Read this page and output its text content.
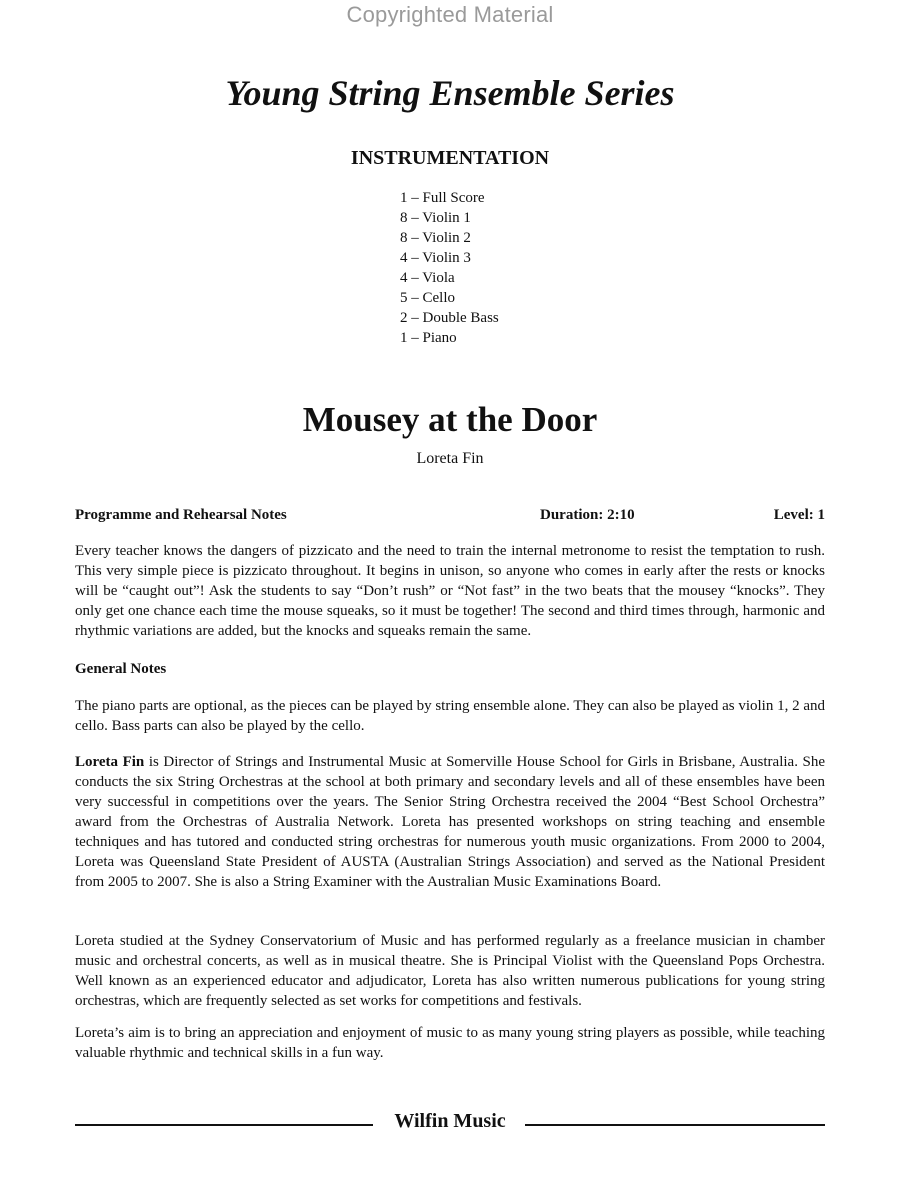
Copyrighted Material
Young String Ensemble Series
INSTRUMENTATION
1 – Full Score
8 – Violin 1
8 – Violin 2
4 – Violin 3
4 – Viola
5 – Cello
2 – Double Bass
1 – Piano
Mousey at the Door
Loreta Fin
Programme and Rehearsal Notes	Duration: 2:10	Level: 1

Every teacher knows the dangers of pizzicato and the need to train the internal metronome to resist the temptation to rush. This very simple piece is pizzicato throughout. It begins in unison, so anyone who comes in early after the rests or knocks will be “caught out”! Ask the students to say “Don’t rush” or “Not fast” in the two beats that the mousey “knocks”. They only get one chance each time the mouse squeaks, so it must be together! The second and third times through, harmonic and rhythmic variations are added, but the knocks and squeaks remain the same.

General Notes

The piano parts are optional, as the pieces can be played by string ensemble alone. They can also be played as violin 1, 2 and cello. Bass parts can also be played by the cello.

Loreta Fin is Director of Strings and Instrumental Music at Somerville House School for Girls in Brisbane, Australia. She conducts the six String Orchestras at the school at both primary and secondary levels and all of these ensembles have been very successful in competitions over the years. The Senior String Orchestra received the 2004 “Best School Orchestra” award from the Orchestras of Australia Network. Loreta has presented workshops on string teaching and ensemble techniques and has tutored and conducted string orchestras for numerous youth music organizations. From 2000 to 2004, Loreta was Queensland State President of AUSTA (Australian Strings Association) and served as the National President from 2005 to 2007. She is also a String Examiner with the Australian Music Examinations Board.

Loreta studied at the Sydney Conservatorium of Music and has performed regularly as a freelance musician in chamber music and orchestral concerts, as well as in musical theatre. She is Principal Violist with the Queensland Pops Orchestra. Well known as an experienced educator and adjudicator, Loreta has also written numerous publications for young string orchestras, which are frequently selected as set works for competitions and festivals.

Loreta’s aim is to bring an appreciation and enjoyment of music to as many young string players as possible, while teaching valuable rhythmic and technical skills in a fun way.

Wilfin Music
